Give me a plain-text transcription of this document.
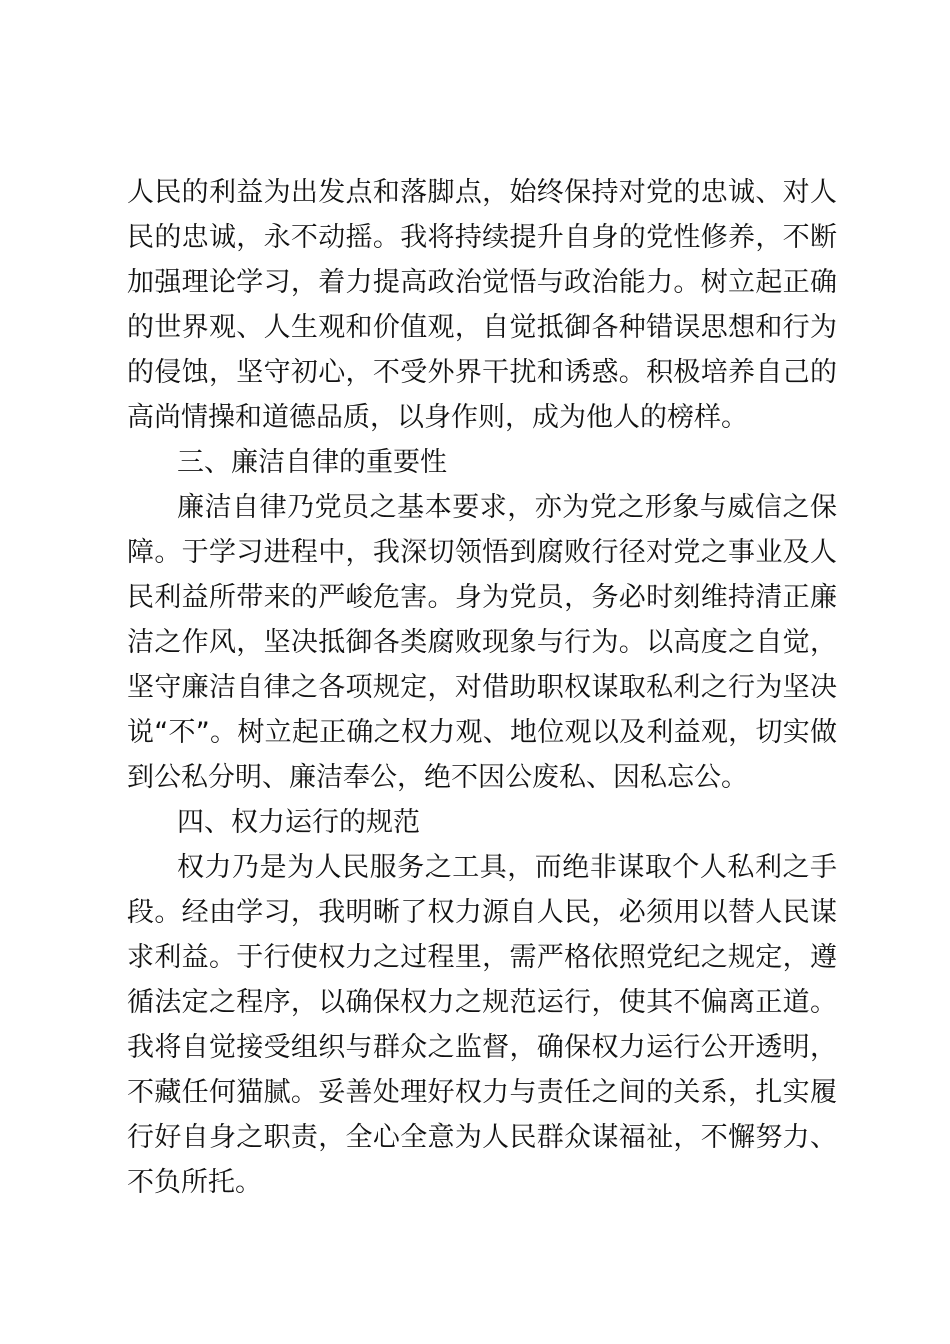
人民的利益为出发点和落脚点，始终保持对党的忠诚、对人民的忠诚，永不动摇。我将持续提升自身的党性修养，不断加强理论学习，着力提高政治觉悟与政治能力。树立起正确的世界观、人生观和价值观，自觉抵御各种错误思想和行为的侵蚀，坚守初心，不受外界干扰和诱惑。积极培养自己的高尚情操和道德品质，以身作则，成为他人的榜样。

三、廉洁自律的重要性

廉洁自律乃党员之基本要求，亦为党之形象与威信之保障。于学习进程中，我深切领悟到腐败行径对党之事业及人民利益所带来的严峻危害。身为党员，务必时刻维持清正廉洁之作风，坚决抵御各类腐败现象与行为。以高度之自觉，坚守廉洁自律之各项规定，对借助职权谋取私利之行为坚决说“不”。树立起正确之权力观、地位观以及利益观，切实做到公私分明、廉洁奉公，绝不因公废私、因私忘公。

四、权力运行的规范

权力乃是为人民服务之工具，而绝非谋取个人私利之手段。经由学习，我明晰了权力源自人民，必须用以替人民谋求利益。于行使权力之过程里，需严格依照党纪之规定，遵循法定之程序，以确保权力之规范运行，使其不偏离正道。我将自觉接受组织与群众之监督，确保权力运行公开透明，不藏任何猫腻。妥善处理好权力与责任之间的关系，扎实履行好自身之职责，全心全意为人民群众谋福祉，不懈努力、不负所托。
